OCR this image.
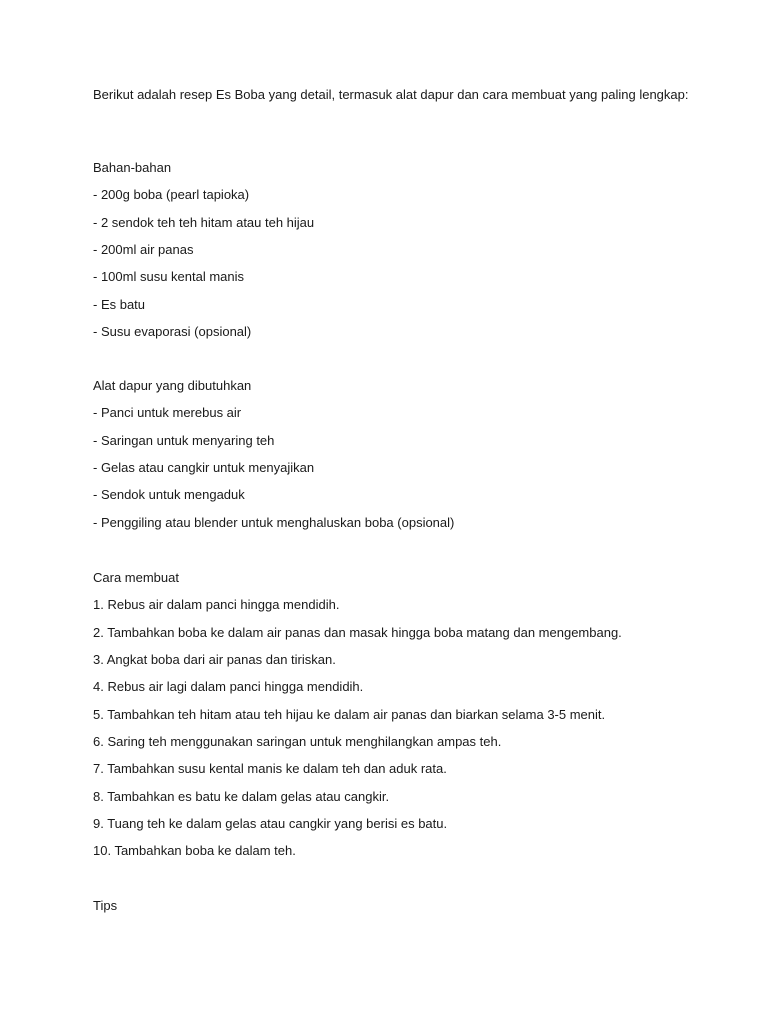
Berikut adalah resep Es Boba yang detail, termasuk alat dapur dan cara membuat yang paling lengkap:

Bahan-bahan

- 200g boba (pearl tapioka)
- 2 sendok teh teh hitam atau teh hijau
- 200ml air panas
- 100ml susu kental manis
- Es batu
- Susu evaporasi (opsional)

Alat dapur yang dibutuhkan

- Panci untuk merebus air
- Saringan untuk menyaring teh
- Gelas atau cangkir untuk menyajikan
- Sendok untuk mengaduk
- Penggiling atau blender untuk menghaluskan boba (opsional)

Cara membuat

1. Rebus air dalam panci hingga mendidih.
2. Tambahkan boba ke dalam air panas dan masak hingga boba matang dan mengembang.
3. Angkat boba dari air panas dan tiriskan.
4. Rebus air lagi dalam panci hingga mendidih.
5. Tambahkan teh hitam atau teh hijau ke dalam air panas dan biarkan selama 3-5 menit.
6. Saring teh menggunakan saringan untuk menghilangkan ampas teh.
7. Tambahkan susu kental manis ke dalam teh dan aduk rata.
8. Tambahkan es batu ke dalam gelas atau cangkir.
9. Tuang teh ke dalam gelas atau cangkir yang berisi es batu.
10. Tambahkan boba ke dalam teh.

Tips
